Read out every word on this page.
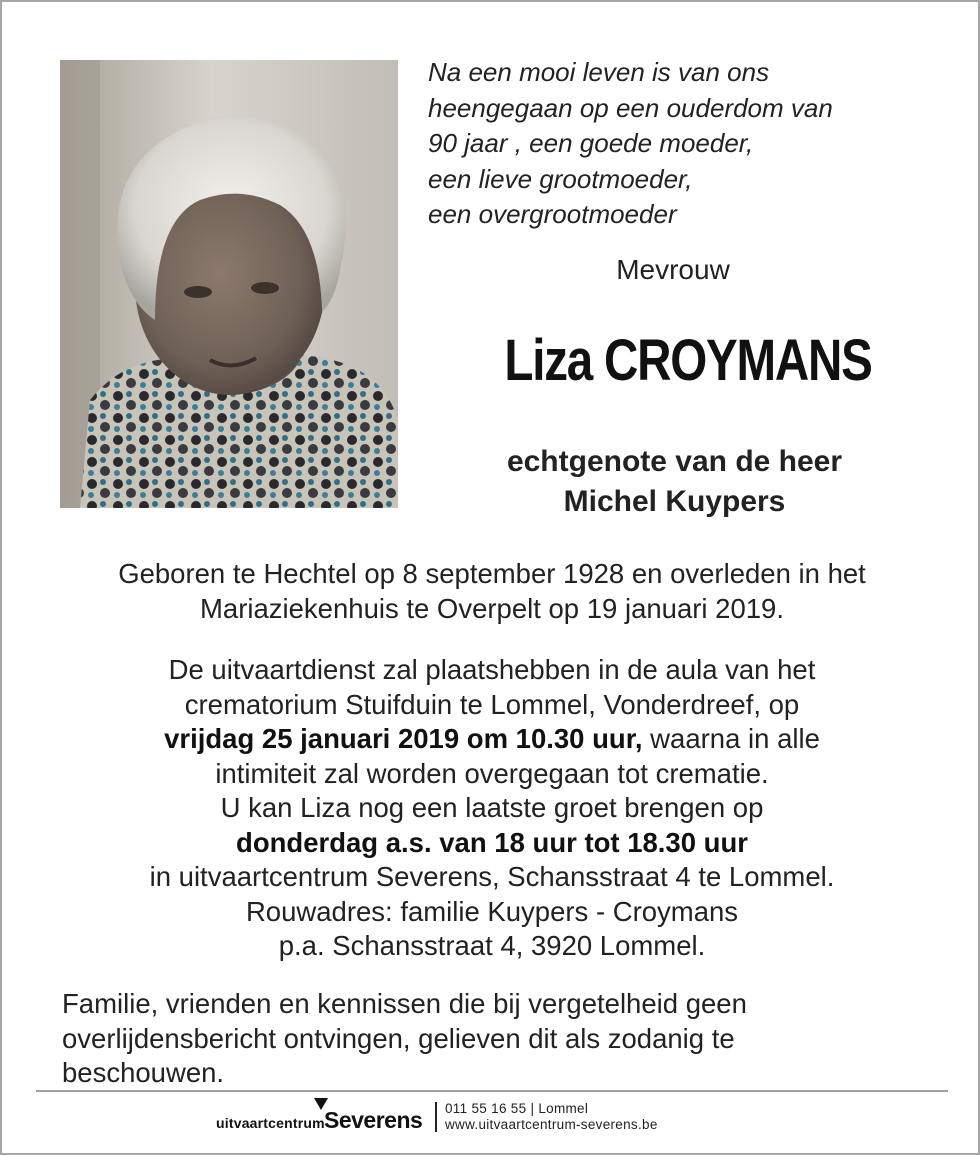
Na een mooi leven is van ons
heengegaan op een ouderdom van
90 jaar , een goede moeder,
een lieve grootmoeder,
een overgrootmoeder
Mevrouw
Liza CROYMANS
echtgenote van de heer
Michel Kuypers
Geboren te Hechtel op 8 september 1928 en overleden in het
Mariaziekenhuis te Overpelt op 19 januari 2019.
De uitvaartdienst zal plaatshebben in de aula van het
crematorium Stuifduin te Lommel, Vonderdreef, op
vrijdag 25 januari 2019 om 10.30 uur, waarna in alle
intimiteit zal worden overgegaan tot crematie.
U kan Liza nog een laatste groet brengen op
donderdag a.s. van 18 uur tot 18.30 uur
in uitvaartcentrum Severens, Schansstraat 4 te Lommel.
Rouwadres: familie Kuypers - Croymans
p.a. Schansstraat 4, 3920 Lommel.
Familie, vrienden en kennissen die bij vergetelheid geen
overlijdensbericht ontvingen, gelieven dit als zodanig te
beschouwen.
uitvaartcentrum Severens 011 55 16 55 | Lommel
www.uitvaartcentrum-severens.be
